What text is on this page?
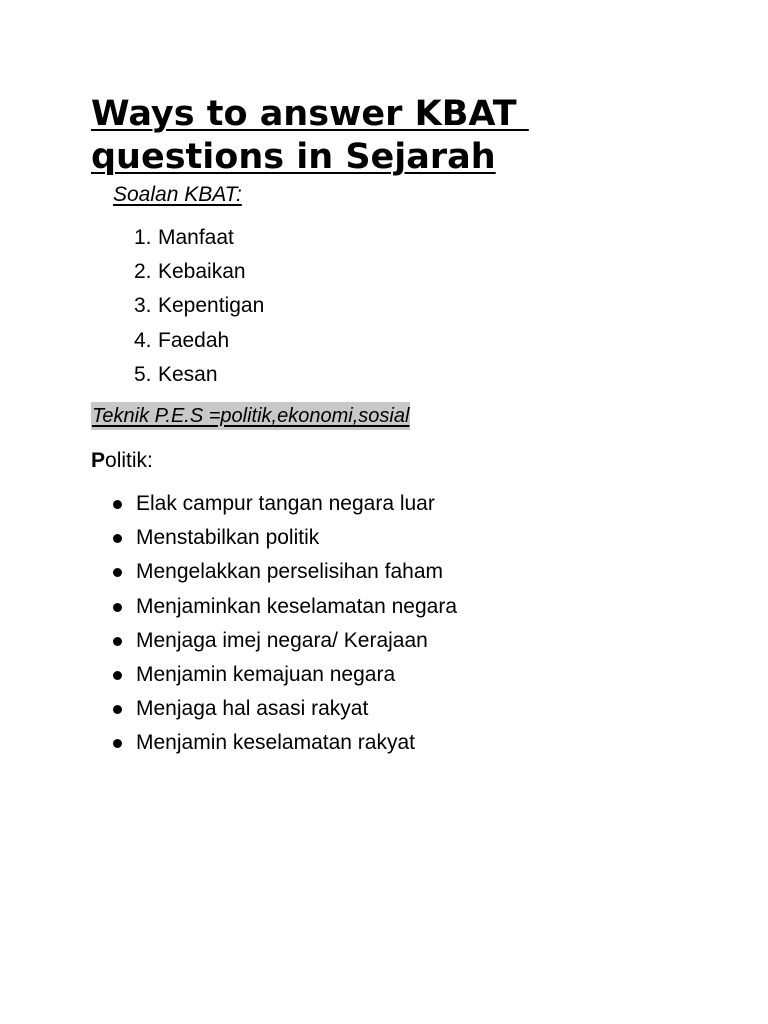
Ways to answer KBAT
questions in Sejarah
Soalan KBAT:
1. Manfaat
2. Kebaikan
3. Kepentigan
4. Faedah
5. Kesan
Teknik P.E.S =politik,ekonomi,sosial
Politik:
Elak campur tangan negara luar
Menstabilkan politik
Mengelakkan perselisihan faham
Menjaminkan keselamatan negara
Menjaga imej negara/ Kerajaan
Menjamin kemajuan negara
Menjaga hal asasi rakyat
Menjamin keselamatan rakyat
